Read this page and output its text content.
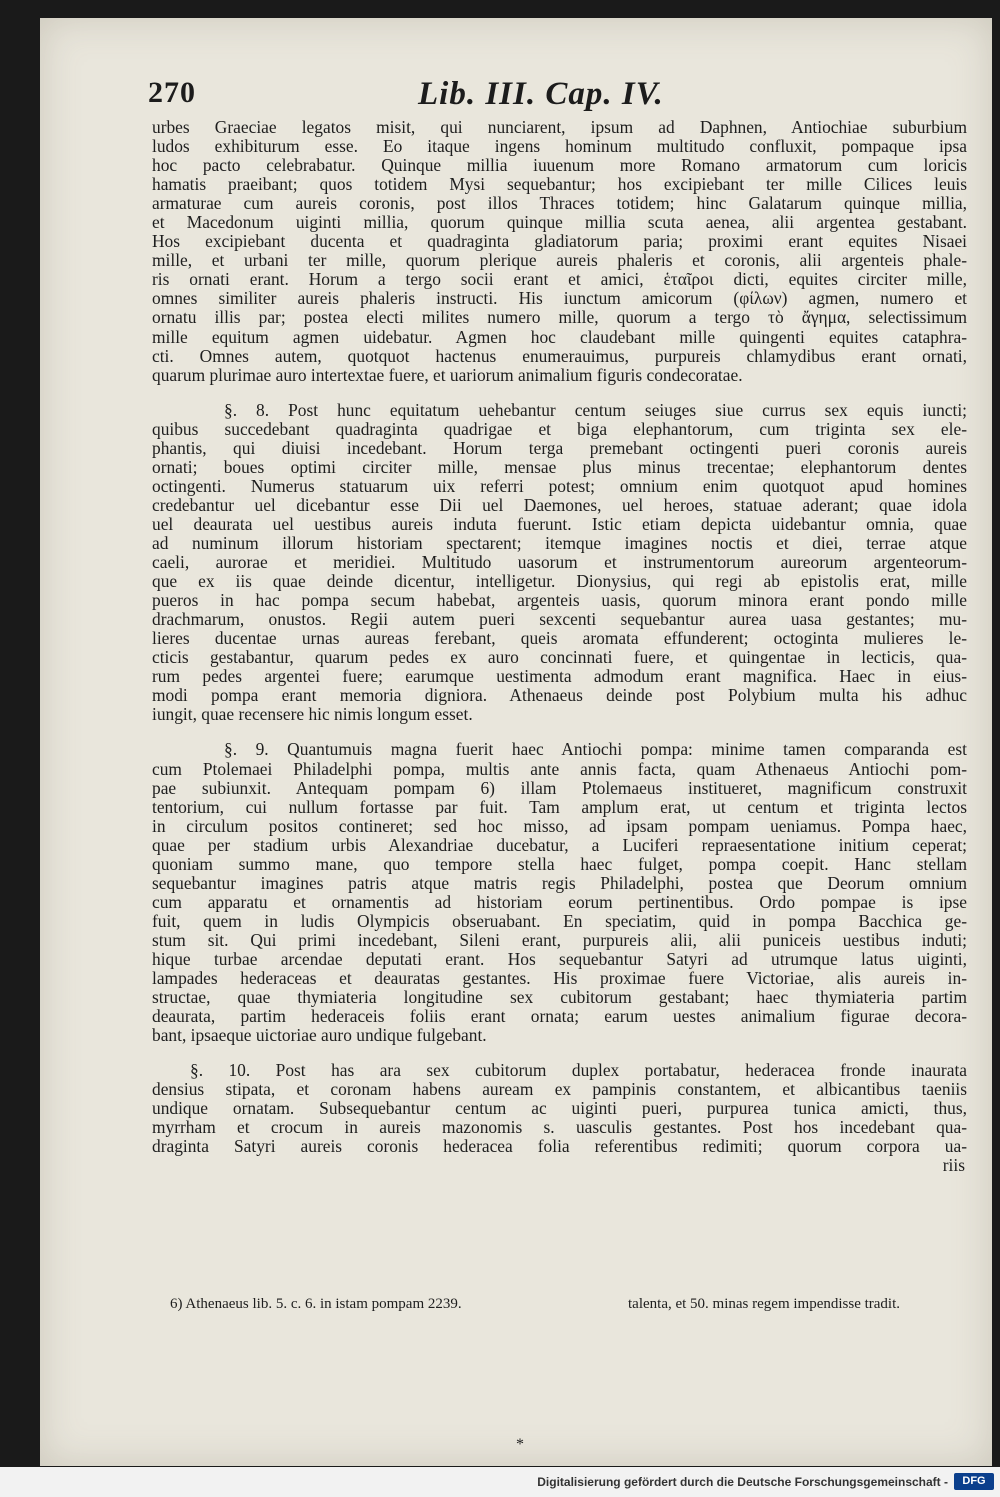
270	Lib. III. Cap. IV.
urbes Graeciae legatos misit, qui nunciarent, ipsum ad Daphnen, Antiochiae suburbium
ludos exhibiturum esse. Eo itaque ingens hominum multitudo confluxit, pompaque ipsa
hoc pacto celebrabatur. Quinque millia iuuenum more Romano armatorum cum loricis
hamatis praeibant; quos totidem Mysi sequebantur; hos excipiebant ter mille Cilices leuis
armaturae cum aureis coronis, post illos Thraces totidem; hinc Galatarum quinque millia,
et Macedonum uiginti millia, quorum quinque millia scuta aenea, alii argentea gestabant.
Hos excipiebant ducenta et quadraginta gladiatorum paria; proximi erant equites Nisaei
mille, et urbani ter mille, quorum plerique aureis phaleris et coronis, alii argenteis phale-
ris ornati erant. Horum a tergo socii erant et amici, ἑταῖροι dicti, equites circiter mille,
omnes similiter aureis phaleris instructi. His iunctum amicorum (φίλων) agmen, numero et
ornatu illis par; postea electi milites numero mille, quorum a tergo τὸ ἄγημα, selectissimum
mille equitum agmen uidebatur. Agmen hoc claudebant mille quingenti equites cataphra-
cti. Omnes autem, quotquot hactenus enumerauimus, purpureis chlamydibus erant ornati,
quarum plurimae auro intertextae fuere, et uariorum animalium figuris condecoratae.
§. 8. Post hunc equitatum uehebantur centum seiuges siue currus sex equis iuncti;
quibus succedebant quadraginta quadrigae et biga elephantorum, cum triginta sex ele-
phantis, qui diuisi incedebant. Horum terga premebant octingenti pueri coronis aureis
ornati; boues optimi circiter mille, mensae plus minus trecentae; elephantorum dentes
octingenti. Numerus statuarum uix referri potest; omnium enim quotquot apud homines
credebantur uel dicebantur esse Dii uel Daemones, uel heroes, statuae aderant; quae idola
uel deaurata uel uestibus aureis induta fuerunt. Istic etiam depicta uidebantur omnia, quae
ad numinum illorum historiam spectarent; itemque imagines noctis et diei, terrae atque
caeli, aurorae et meridiei. Multitudo uasorum et instrumentorum aureorum argenteorum-
que ex iis quae deinde dicentur, intelligetur. Dionysius, qui regi ab epistolis erat, mille
pueros in hac pompa secum habebat, argenteis uasis, quorum minora erant pondo mille
drachmarum, onustos. Regii autem pueri sexcenti sequebantur aurea uasa gestantes; mu-
lieres ducentae urnas aureas ferebant, queis aromata effunderent; octoginta mulieres le-
cticis gestabantur, quarum pedes ex auro concinnati fuere, et quingentae in lecticis, qua-
rum pedes argentei fuere; earumque uestimenta admodum erant magnifica. Haec in eius-
modi pompa erant memoria digniora. Athenaeus deinde post Polybium multa his adhuc
iungit, quae recensere hic nimis longum esset.
§. 9. Quantumuis magna fuerit haec Antiochi pompa: minime tamen comparanda est
cum Ptolemaei Philadelphi pompa, multis ante annis facta, quam Athenaeus Antiochi pom-
pae subiunxit. Antequam pompam 6) illam Ptolemaeus institueret, magnificum construxit
tentorium, cui nullum fortasse par fuit. Tam amplum erat, ut centum et triginta lectos
in circulum positos contineret; sed hoc misso, ad ipsam pompam ueniamus. Pompa haec,
quae per stadium urbis Alexandriae ducebatur, a Luciferi repraesentatione initium ceperat;
quoniam summo mane, quo tempore stella haec fulget, pompa coepit. Hanc stellam
sequebantur imagines patris atque matris regis Philadelphi, postea que Deorum omnium
cum apparatu et ornamentis ad historiam eorum pertinentibus. Ordo pompae is ipse
fuit, quem in ludis Olympicis obseruabant. En speciatim, quid in pompa Bacchica ge-
stum sit. Qui primi incedebant, Sileni erant, purpureis alii, alii puniceis uestibus induti;
hique turbae arcendae deputati erant. Hos sequebantur Satyri ad utrumque latus uiginti,
lampades hederaceas et deauratas gestantes. His proximae fuere Victoriae, alis aureis in-
structae, quae thymiateria longitudine sex cubitorum gestabant; haec thymiateria partim
deaurata, partim hederaceis foliis erant ornata; earum uestes animalium figurae decora-
bant, ipsaeque uictoriae auro undique fulgebant.
§. 10. Post has ara sex cubitorum duplex portabatur, hederacea fronde inaurata
densius stipata, et coronam habens auream ex pampinis constantem, et albicantibus taeniis
undique ornatam. Subsequebantur centum ac uiginti pueri, purpurea tunica amicti, thus,
myrrham et crocum in aureis mazonomis s. uasculis gestantes. Post hos incedebant qua-
draginta Satyri aureis coronis hederacea folia referentibus redimiti; quorum corpora ua-
riis
6) Athenaeus lib. 5. c. 6. in istam pompam 2239.	talenta, et 50. minas regem impendisse tradit.
*
Digitalisierung gefördert durch die Deutsche Forschungsgemeinschaft -	DFG
